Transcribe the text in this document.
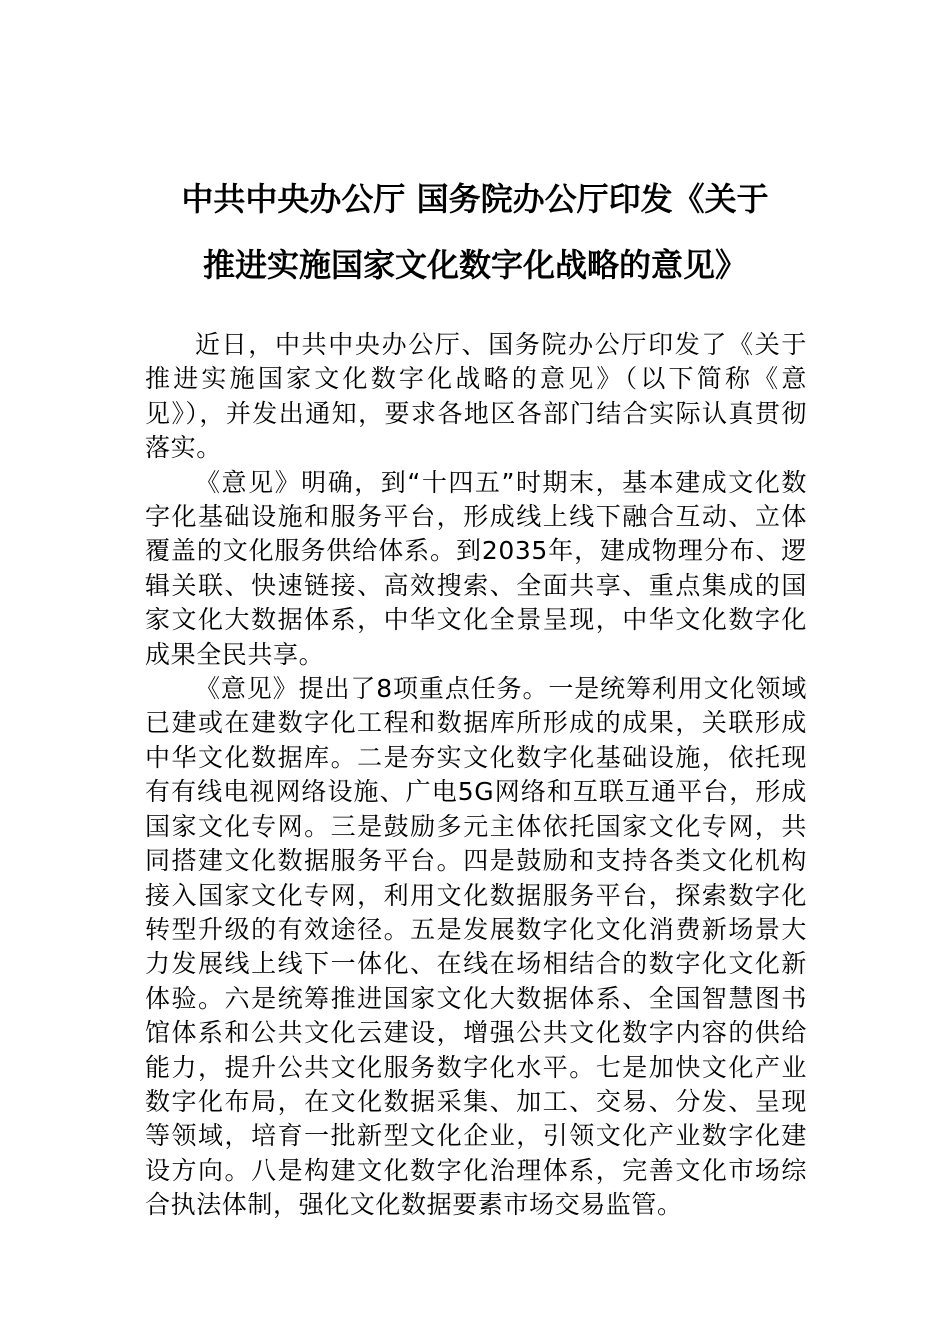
中共中央办公厅 国务院办公厅印发《关于
推进实施国家文化数字化战略的意见》

近日，中共中央办公厅、国务院办公厅印发了《关于推进实施国家文化数字化战略的意见》（以下简称《意见》），并发出通知，要求各地区各部门结合实际认真贯彻落实。

《意见》明确，到“十四五”时期末，基本建成文化数字化基础设施和服务平台，形成线上线下融合互动、立体覆盖的文化服务供给体系。到2035年，建成物理分布、逻辑关联、快速链接、高效搜索、全面共享、重点集成的国家文化大数据体系，中华文化全景呈现，中华文化数字化成果全民共享。

《意见》提出了8项重点任务。一是统筹利用文化领域已建或在建数字化工程和数据库所形成的成果，关联形成中华文化数据库。二是夯实文化数字化基础设施，依托现有有线电视网络设施、广电5G网络和互联互通平台，形成国家文化专网。三是鼓励多元主体依托国家文化专网，共同搭建文化数据服务平台。四是鼓励和支持各类文化机构接入国家文化专网，利用文化数据服务平台，探索数字化转型升级的有效途径。五是发展数字化文化消费新场景大力发展线上线下一体化、在线在场相结合的数字化文化新体验。六是统筹推进国家文化大数据体系、全国智慧图书馆体系和公共文化云建设，增强公共文化数字内容的供给能力，提升公共文化服务数字化水平。七是加快文化产业数字化布局，在文化数据采集、加工、交易、分发、呈现等领域，培育一批新型文化企业，引领文化产业数字化建设方向。八是构建文化数字化治理体系，完善文化市场综合执法体制，强化文化数据要素市场交易监管。
